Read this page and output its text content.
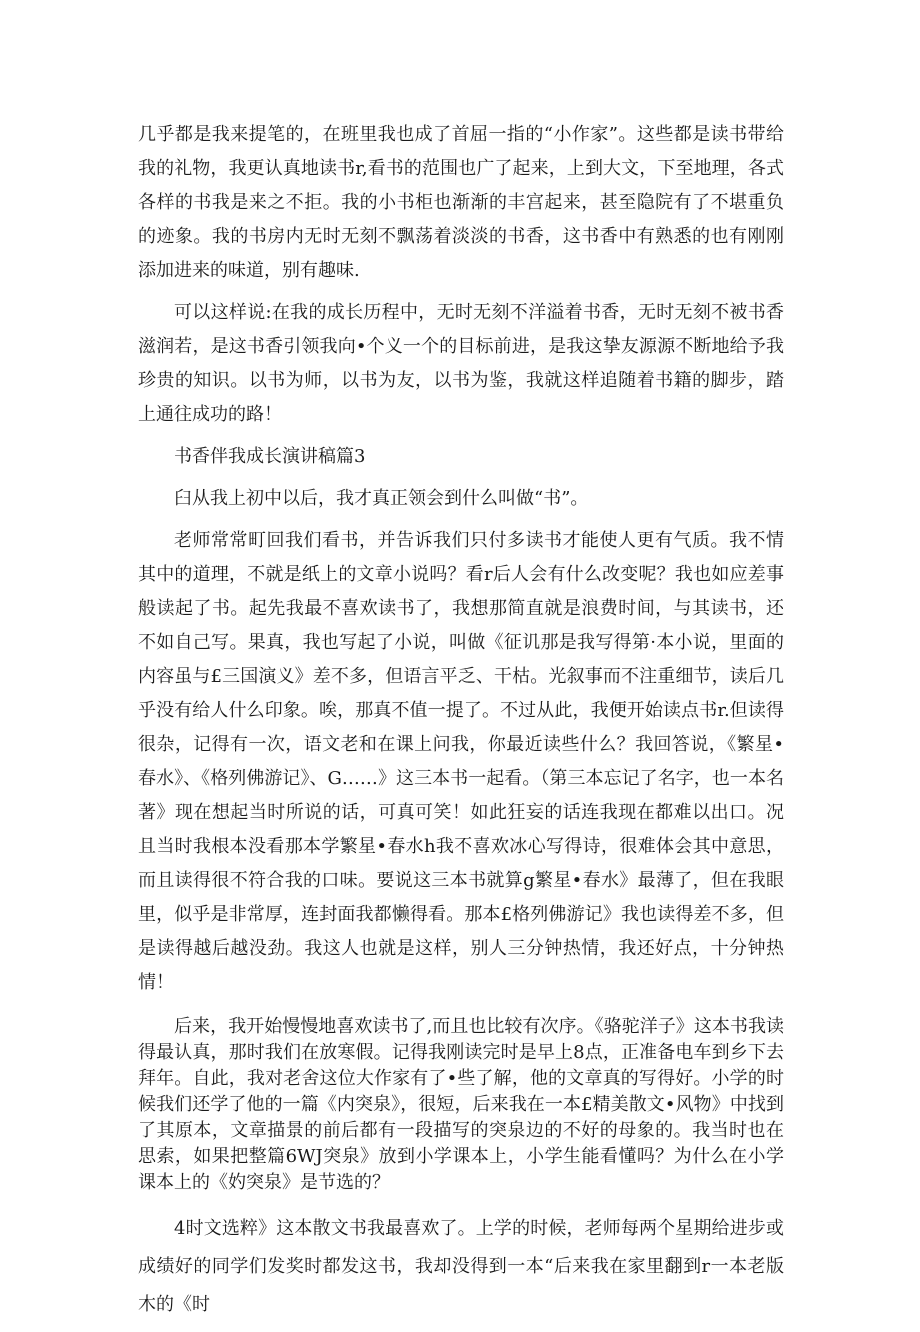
几乎都是我来提笔的，在班里我也成了首屈一指的“小作家”。这些都是读书带给我的礼物，我更认真地读书r,看书的范围也广了起来，上到大文，下至地理，各式各样的书我是来之不拒。我的小书柜也渐渐的丰宫起来，甚至隐院有了不堪重负的迹象。我的书房内无时无刻不飘荡着淡淡的书香，这书香中有熟悉的也有刚刚添加进来的味道，别有趣味.

可以这样说:在我的成长历程中，无时无刻不洋溢着书香，无时无刻不被书香滋润若，是这书香引领我向•个义一个的目标前进，是我这挚友源源不断地给予我珍贵的知识。以书为师，以书为友，以书为鉴，我就这样追随着书籍的脚步，踏上通往成功的路！

书香伴我成长演讲稿篇3

臼从我上初中以后，我才真正领会到什么叫做“书”。

老师常常町回我们看书，并告诉我们只付多读书才能使人更有气质。我不情其中的道理，不就是纸上的文章小说吗？看r后人会有什么改变呢？我也如应差事般读起了书。起先我最不喜欢读书了，我想那简直就是浪费时间，与其读书，还不如自己写。果真，我也写起了小说，叫做《征讥那是我写得第·本小说，里面的内容虽与£三国演义》差不多，但语言平乏、干枯。光叙事而不注重细节，读后几乎没有给人什么印象。唉，那真不值一提了。不过从此，我便开始读点书r.但读得很杂，记得有一次，语文老和在课上问我，你最近读些什么？我回答说，《繁星•春水》、《格列佛游记》、G……》这三本书一起看。（第三本忘记了名字，也一本名著》现在想起当时所说的话，可真可笑！如此狂妄的话连我现在都难以出口。况且当时我根本没看那本学繁星•春水h我不喜欢冰心写得诗，很难体会其中意思，而且读得很不符合我的口味。要说这三本书就算g繁星•春水》最薄了，但在我眼里，似乎是非常厚，连封面我都懒得看。那本£格列佛游记》我也读得差不多，但是读得越后越没劲。我这人也就是这样，别人三分钟热情，我还好点，十分钟热情！

后来，我开始慢慢地喜欢读书了,而且也比较有次序。《骆驼洋子》这本书我读得最认真，那时我们在放寒假。记得我刚读完时是早上8点，正准备电车到乡下去拜年。自此，我对老舍这位大作家有了•些了解，他的文章真的写得好。小学的时候我们还学了他的一篇《内突泉》，很短，后来我在一本£精美散文•风物》中找到了其原本，文章描景的前后都有一段描写的突泉边的不好的母象的。我当时也在思索，如果把整篇6WJ突泉》放到小学课本上，小学生能看懂吗？为什么在小学课本上的《妁突泉》是节选的？

4时文选粹》这本散文书我最喜欢了。上学的时候，老师每两个星期给进步或成绩好的同学们发奖时都发这书，我却没得到一本“后来我在家里翻到r一本老版木的《时
